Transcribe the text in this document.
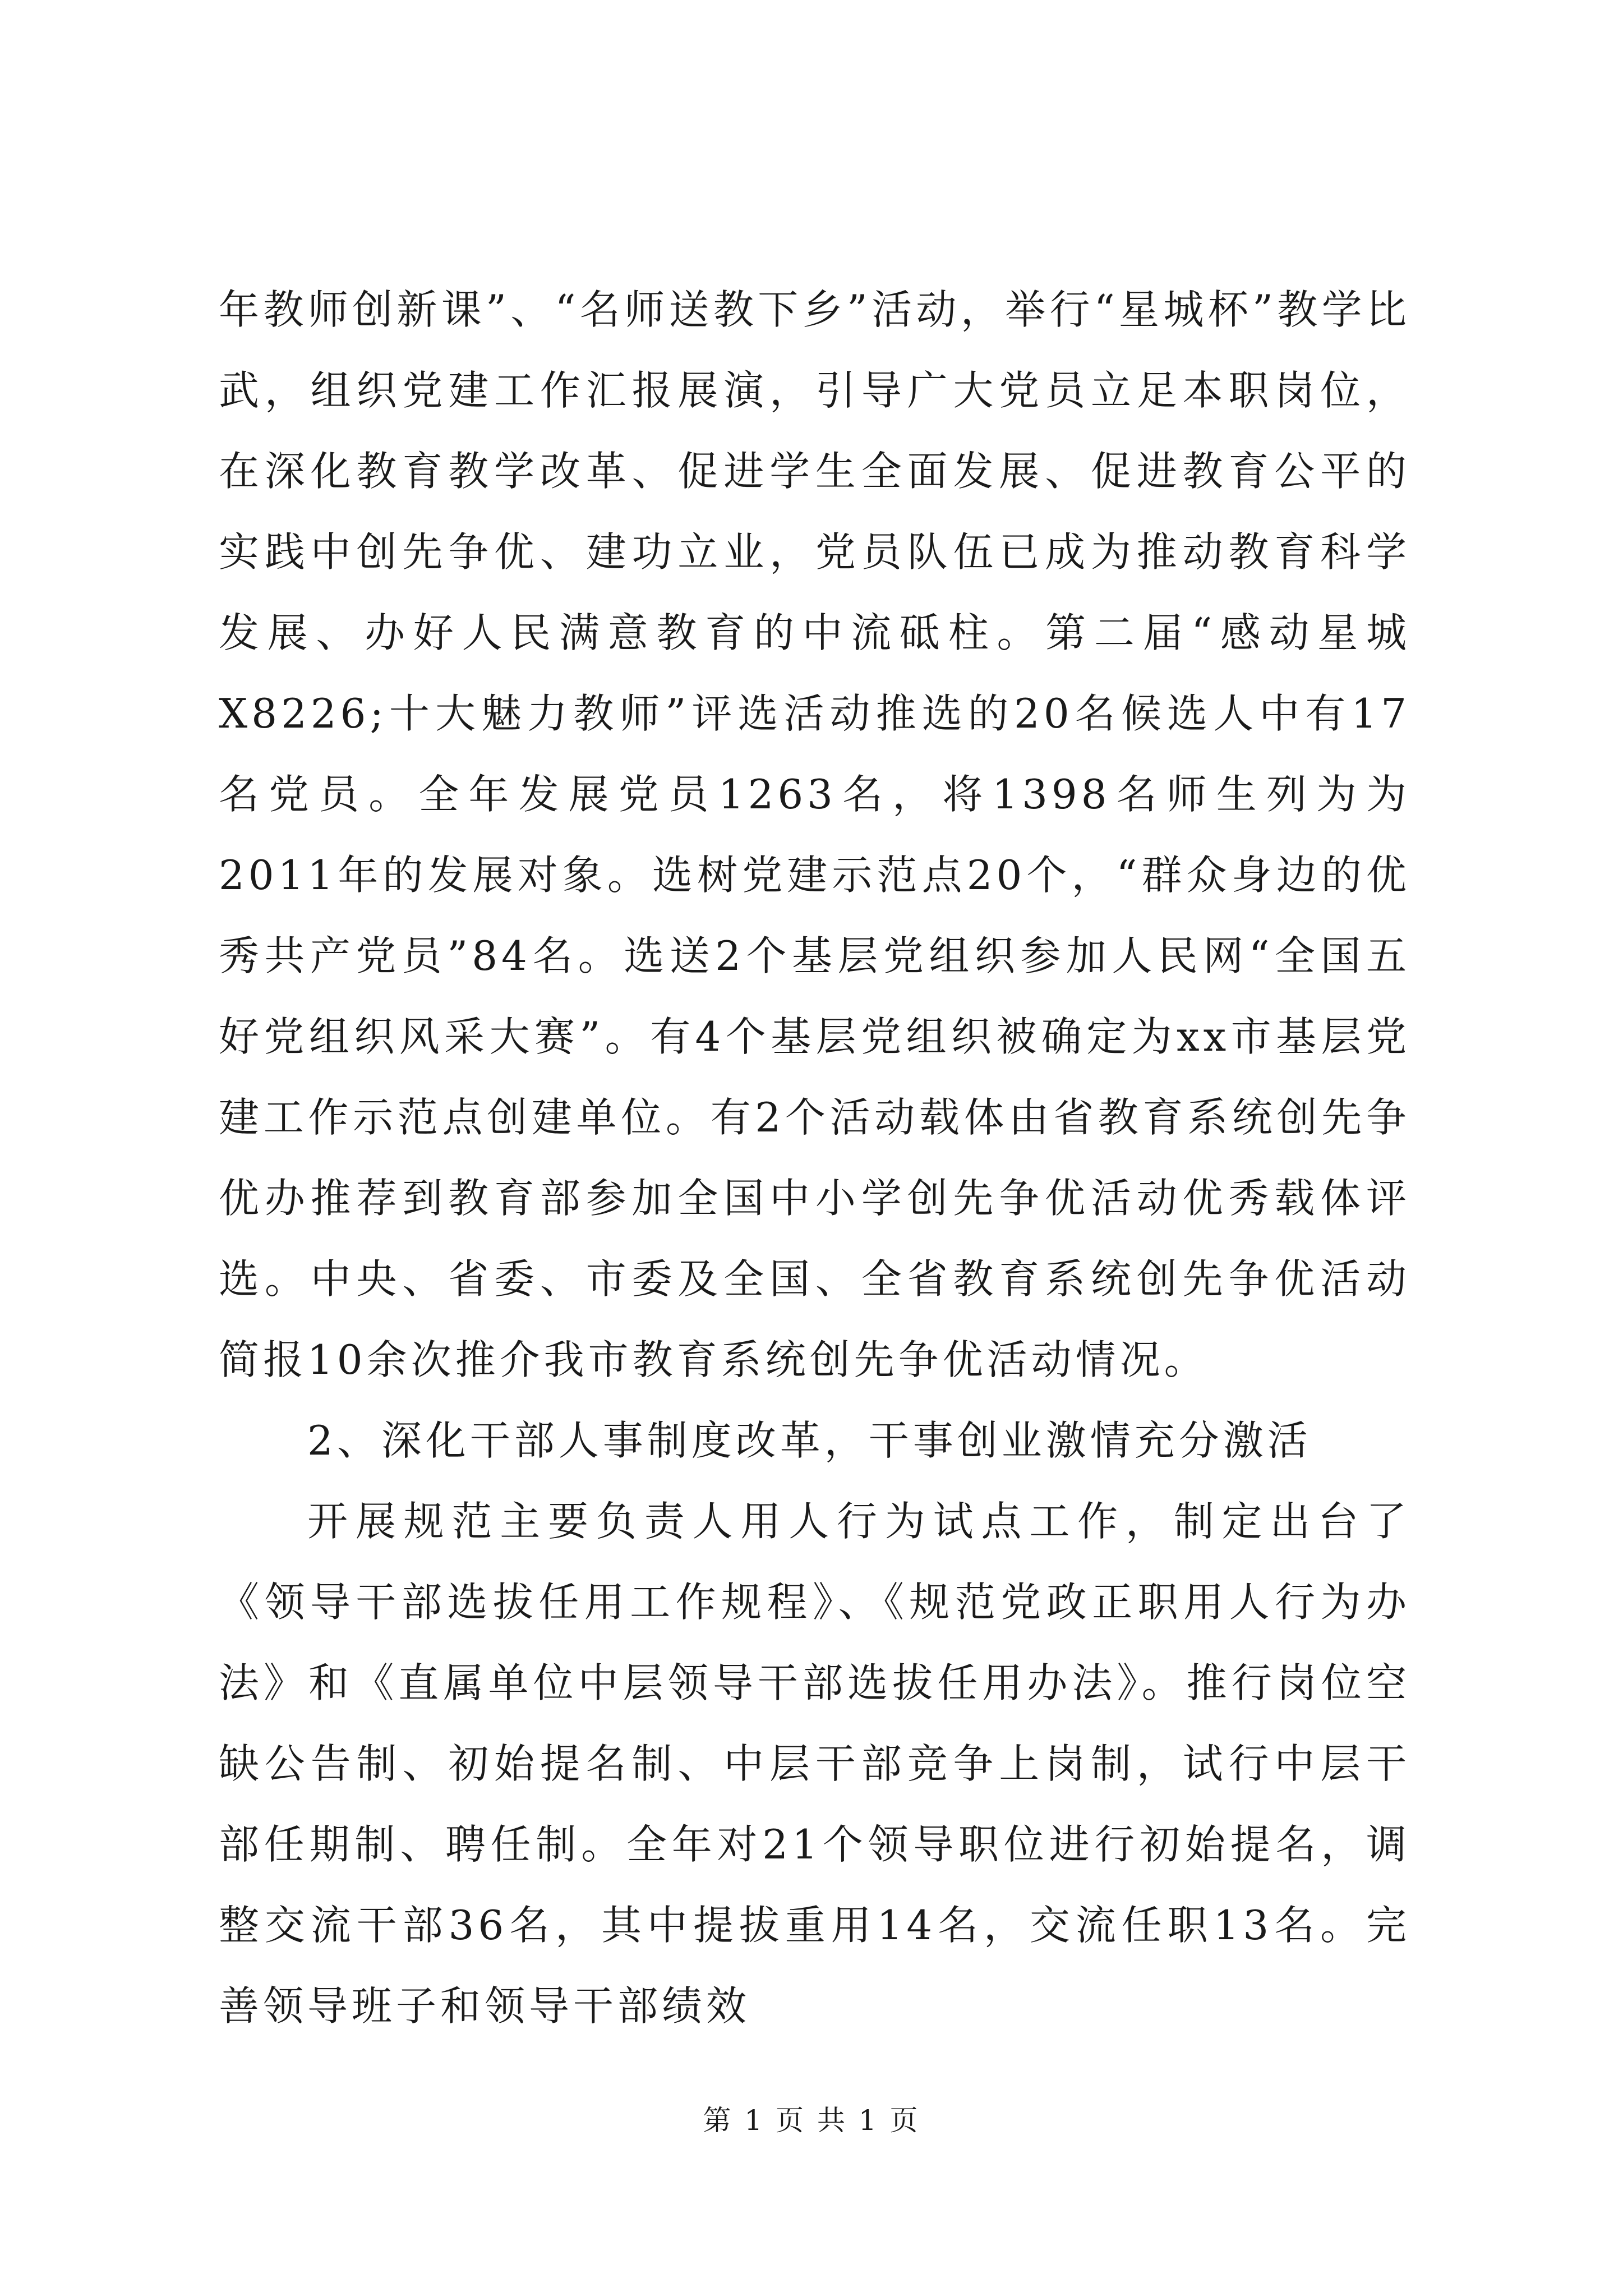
年教师创新课”、“名师送教下乡”活动，举行“星城杯”教学比武，组织党建工作汇报展演，引导广大党员立足本职岗位，在深化教育教学改革、促进学生全面发展、促进教育公平的实践中创先争优、建功立业，党员队伍已成为推动教育科学发展、办好人民满意教育的中流砥柱。第二届“感动星城X8226;十大魅力教师”评选活动推选的20名候选人中有17名党员。全年发展党员1263名，将1398名师生列为为2011年的发展对象。选树党建示范点20个，“群众身边的优秀共产党员”84名。选送2个基层党组织参加人民网“全国五好党组织风采大赛”。有4个基层党组织被确定为xx市基层党建工作示范点创建单位。有2个活动载体由省教育系统创先争优办推荐到教育部参加全国中小学创先争优活动优秀载体评选。中央、省委、市委及全国、全省教育系统创先争优活动简报10余次推介我市教育系统创先争优活动情况。

2、深化干部人事制度改革，干事创业激情充分激活

开展规范主要负责人用人行为试点工作，制定出台了《领导干部选拔任用工作规程》、《规范党政正职用人行为办法》和《直属单位中层领导干部选拔任用办法》。推行岗位空缺公告制、初始提名制、中层干部竞争上岗制，试行中层干部任期制、聘任制。全年对21个领导职位进行初始提名，调整交流干部36名，其中提拔重用14名，交流任职13名。完善领导班子和领导干部绩效

第 1 页 共 1 页
